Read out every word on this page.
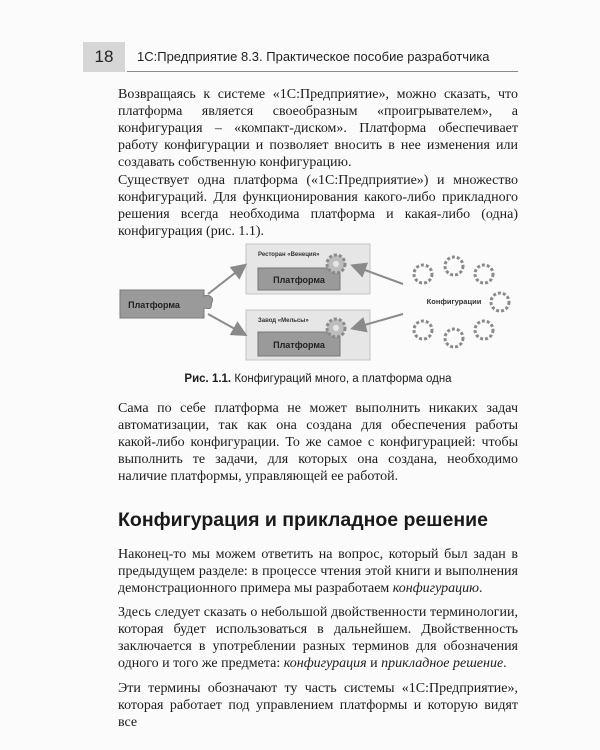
18	1С:Предприятие 8.3. Практическое пособие разработчика

Возвращаясь к системе «1С:Предприятие», можно сказать, что платформа является своеобразным «проигрывателем», а конфигурация – «компакт-диском». Платформа обеспечивает работу конфигурации и позволяет вносить в нее изменения или создавать собственную конфигурацию.

Существует одна платформа («1С:Предприятие») и множество конфигураций. Для функционирования какого-либо прикладного решения всегда необходима платформа и какая-либо (одна) конфигурация (рис. 1.1).

Платформа
Ресторан «Венеция»
Платформа
Завод «Мельсы»
Платформа
Конфигурации
Рис. 1.1. Конфигураций много, а платформа одна

Сама по себе платформа не может выполнить никаких задач автоматизации, так как она создана для обеспечения работы какой-либо конфигурации. То же самое с конфигурацией: чтобы выполнить те задачи, для которых она создана, необходимо наличие платформы, управляющей ее работой.

Конфигурация и прикладное решение

Наконец-то мы можем ответить на вопрос, который был задан в предыдущем разделе: в процессе чтения этой книги и выполнения демонстрационного примера мы разработаем конфигурацию.

Здесь следует сказать о небольшой двойственности терминологии, которая будет использоваться в дальнейшем. Двойственность заключается в употреблении разных терминов для обозначения одного и того же предмета: конфигурация и прикладное решение.

Эти термины обозначают ту часть системы «1С:Предприятие», которая работает под управлением платформы и которую видят все
